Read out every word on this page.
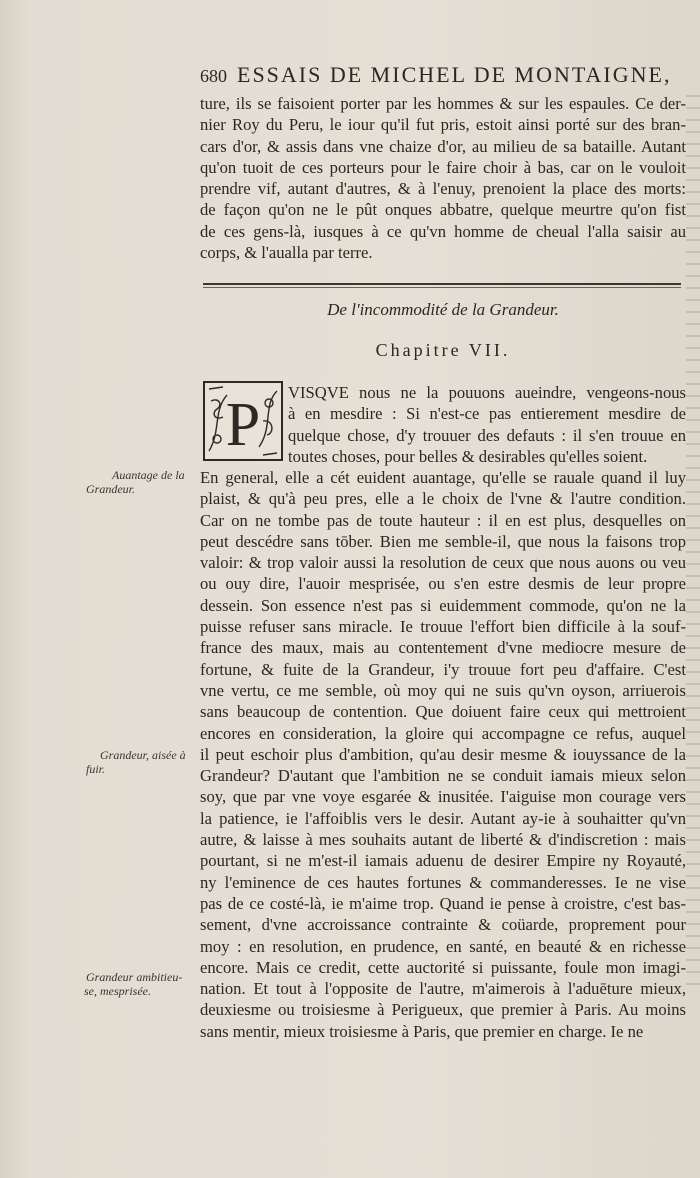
680 ESSAIS DE MICHEL DE MONTAIGNE,
ture, ils se faisoient porter par les hommes & sur les espaules. Ce der-
nier Roy du Peru, le iour qu'il fut pris, estoit ainsi porté sur des bran-
cars d'or, & assis dans vne chaize d'or, au milieu de sa bataille. Autant
qu'on tuoit de ces porteurs pour le faire choir à bas, car on le vouloit
prendre vif, autant d'autres, & à l'enuy, prenoient la place des morts:
de façon qu'on ne le pût onques abbatre, quelque meurtre qu'on fist
de ces gens-là, iusques à ce qu'vn homme de cheual l'alla saisir au
corps, & l'aualla par terre.
De l'incommodité de la Grandeur.
Chapitre VII.
P VISQVE nous ne la pouuons aueindre, vengeons-nous
à en mesdire : Si n'est-ce pas entierement mesdire de
quelque chose, d'y trouuer des defauts : il s'en trouue en
toutes choses, pour belles & desirables qu'elles soient.
En general, elle a cét euident auantage, qu'elle se rauale quand il luy
plaist, & qu'à peu pres, elle a le choix de l'vne & l'autre condition.
Car on ne tombe pas de toute hauteur : il en est plus, desquelles on
peut descédre sans tōber. Bien me semble-il, que nous la faisons trop
valoir: & trop valoir aussi la resolution de ceux que nous auons ou veu
ou ouy dire, l'auoir mesprisée, ou s'en estre desmis de leur propre
dessein. Son essence n'est pas si euidemment commode, qu'on ne la
puisse refuser sans miracle. Ie trouue l'effort bien difficile à la souf-
france des maux, mais au contentement d'vne mediocre mesure de
fortune, & fuite de la Grandeur, i'y trouue fort peu d'affaire. C'est
vne vertu, ce me semble, où moy qui ne suis qu'vn oyson, arriuerois
sans beaucoup de contention. Que doiuent faire ceux qui mettroient
encores en consideration, la gloire qui accompagne ce refus, auquel
il peut eschoir plus d'ambition, qu'au desir mesme & iouyssance de la
Grandeur? D'autant que l'ambition ne se conduit iamais mieux selon
soy, que par vne voye esgarée & inusitée. I'aiguise mon courage vers
la patience, ie l'affoiblis vers le desir. Autant ay-ie à souhaitter qu'vn
autre, & laisse à mes souhaits autant de liberté & d'indiscretion : mais
pourtant, si ne m'est-il iamais aduenu de desirer Empire ny Royauté,
ny l'eminence de ces hautes fortunes & commanderesses. Ie ne vise
pas de ce costé-là, ie m'aime trop. Quand ie pense à croistre, c'est bas-
sement, d'vne accroissance contrainte & coüarde, proprement pour
moy : en resolution, en prudence, en santé, en beauté & en richesse
encore. Mais ce credit, cette auctorité si puissante, foule mon imagi-
nation. Et tout à l'opposite de l'autre, m'aimerois à l'aduēture mieux,
deuxiesme ou troisiesme à Perigueux, que premier à Paris. Au moins
sans mentir, mieux troisiesme à Paris, que premier en charge. Ie ne
Auantage de la
Grandeur.
Grandeur, aisée à
fuir.
Grandeur ambitieu-
se, mesprisée.
